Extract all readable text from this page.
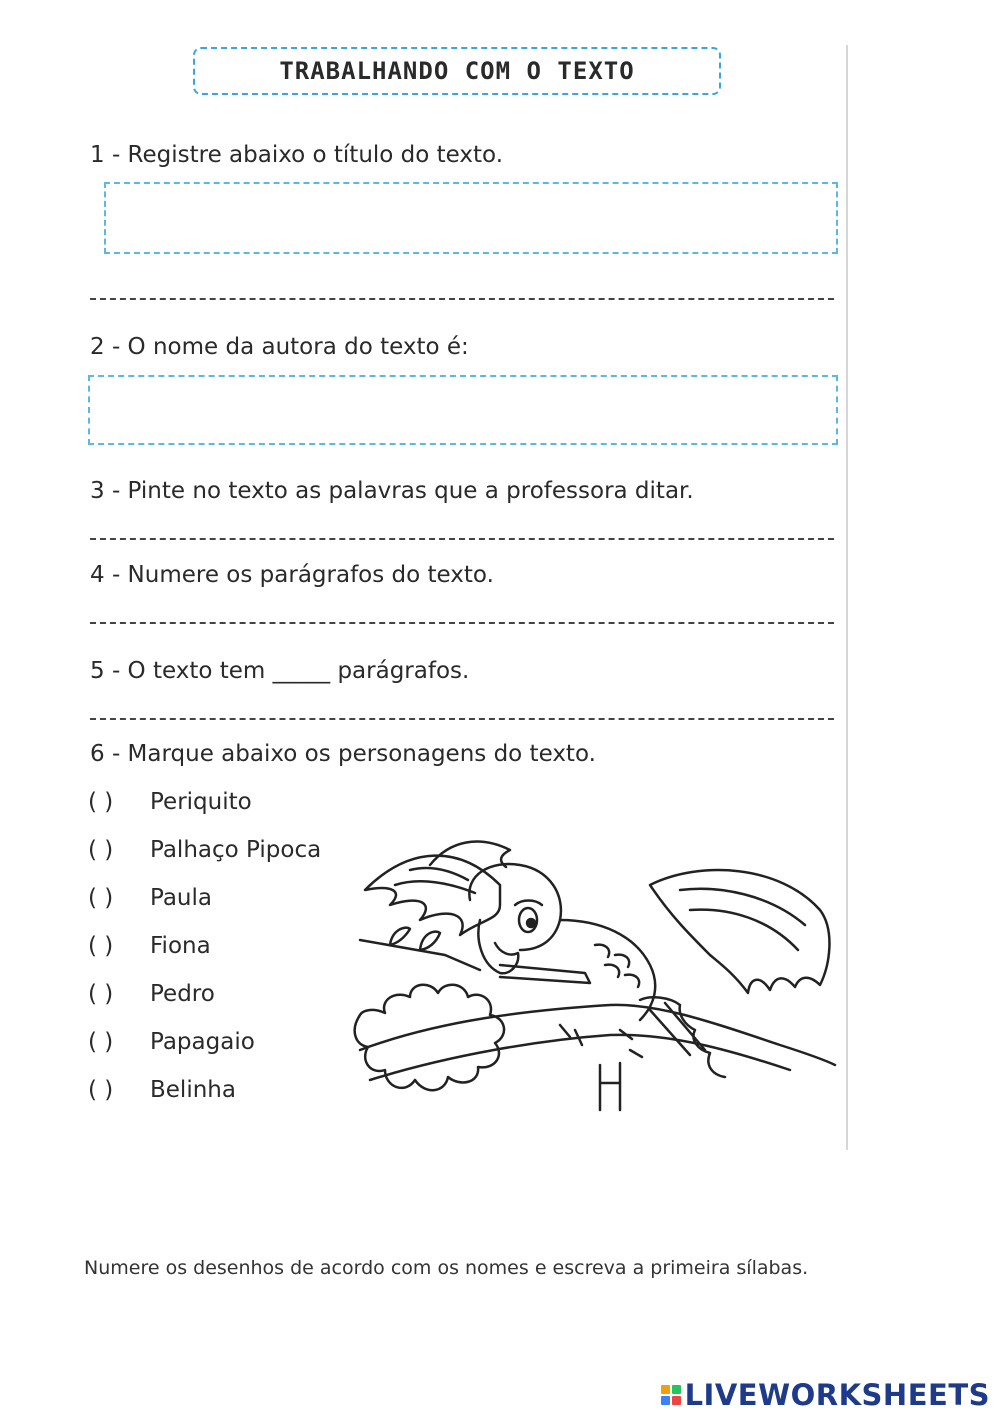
TRABALHANDO COM O TEXTO
1 - Registre abaixo o título do texto.
2 - O nome da autora do texto é:
3 - Pinte no texto as palavras que a professora ditar.
4 - Numere os parágrafos do texto.
5 - O texto tem _____ parágrafos.
6 - Marque abaixo os personagens do texto.
( ) Periquito
( ) Palhaço Pipoca
( ) Paula
( ) Fiona
( ) Pedro
( ) Papagaio
( ) Belinha
Numere os desenhos de acordo com os nomes e escreva a primeira sílabas.
LIVEWORKSHEETS
